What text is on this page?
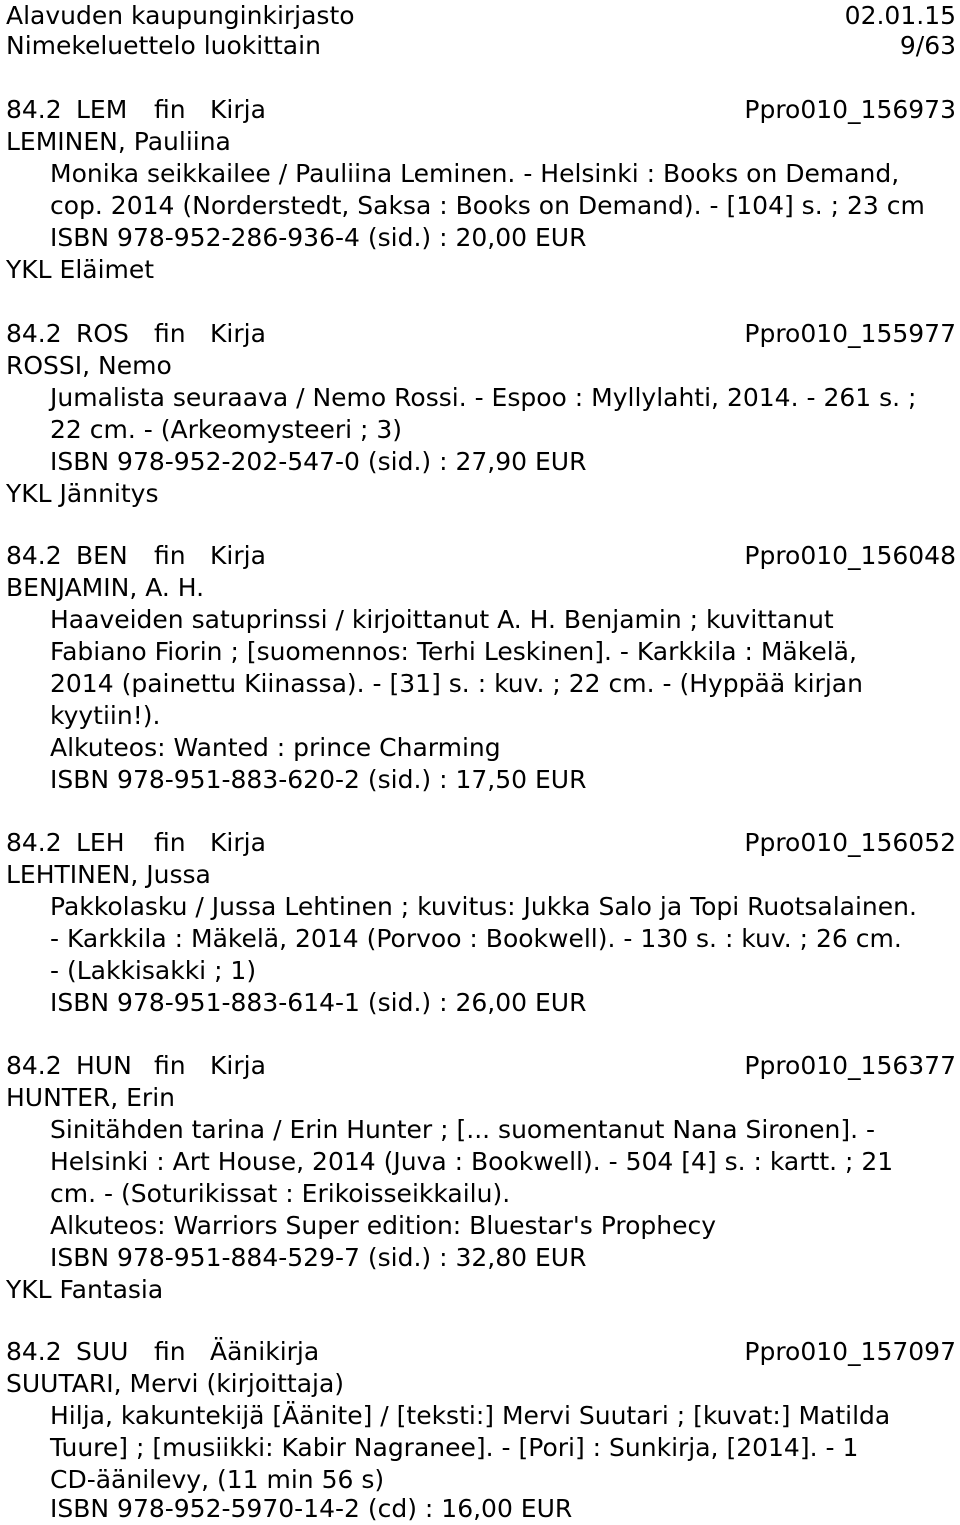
Alavuden kaupunginkirjasto	02.01.15
Nimekeluettelo luokittain	9/63
84.2 LEM fin Kirja	Ppro010_156973
LEMINEN, Pauliina
Monika seikkailee / Pauliina Leminen. - Helsinki : Books on Demand,
cop. 2014 (Norderstedt, Saksa : Books on Demand). - [104] s. ; 23 cm
ISBN 978-952-286-936-4 (sid.) : 20,00 EUR
YKL Eläimet
84.2 ROS fin Kirja	Ppro010_155977
ROSSI, Nemo
Jumalista seuraava / Nemo Rossi. - Espoo : Myllylahti, 2014. - 261 s. ;
22 cm. - (Arkeomysteeri ; 3)
ISBN 978-952-202-547-0 (sid.) : 27,90 EUR
YKL Jännitys
84.2 BEN fin Kirja	Ppro010_156048
BENJAMIN, A. H.
Haaveiden satuprinssi / kirjoittanut A. H. Benjamin ; kuvittanut
Fabiano Fiorin ; [suomennos: Terhi Leskinen]. - Karkkila : Mäkelä,
2014 (painettu Kiinassa). - [31] s. : kuv. ; 22 cm. - (Hyppää kirjan
kyytiin!).
Alkuteos: Wanted : prince Charming
ISBN 978-951-883-620-2 (sid.) : 17,50 EUR
84.2 LEH fin Kirja	Ppro010_156052
LEHTINEN, Jussa
Pakkolasku / Jussa Lehtinen ; kuvitus: Jukka Salo ja Topi Ruotsalainen.
- Karkkila : Mäkelä, 2014 (Porvoo : Bookwell). - 130 s. : kuv. ; 26 cm.
- (Lakkisakki ; 1)
ISBN 978-951-883-614-1 (sid.) : 26,00 EUR
84.2 HUN fin Kirja	Ppro010_156377
HUNTER, Erin
Sinitähden tarina / Erin Hunter ; [... suomentanut Nana Sironen]. -
Helsinki : Art House, 2014 (Juva : Bookwell). - 504 [4] s. : kartt. ; 21
cm. - (Soturikissat : Erikoisseikkailu).
Alkuteos: Warriors Super edition: Bluestar's Prophecy
ISBN 978-951-884-529-7 (sid.) : 32,80 EUR
YKL Fantasia
84.2 SUU fin Äänikirja	Ppro010_157097
SUUTARI, Mervi (kirjoittaja)
Hilja, kakuntekijä [Äänite] / [teksti:] Mervi Suutari ; [kuvat:] Matilda
Tuure] ; [musiikki: Kabir Nagranee]. - [Pori] : Sunkirja, [2014]. - 1
CD-äänilevy, (11 min 56 s)
ISBN 978-952-5970-14-2 (cd) : 16,00 EUR
